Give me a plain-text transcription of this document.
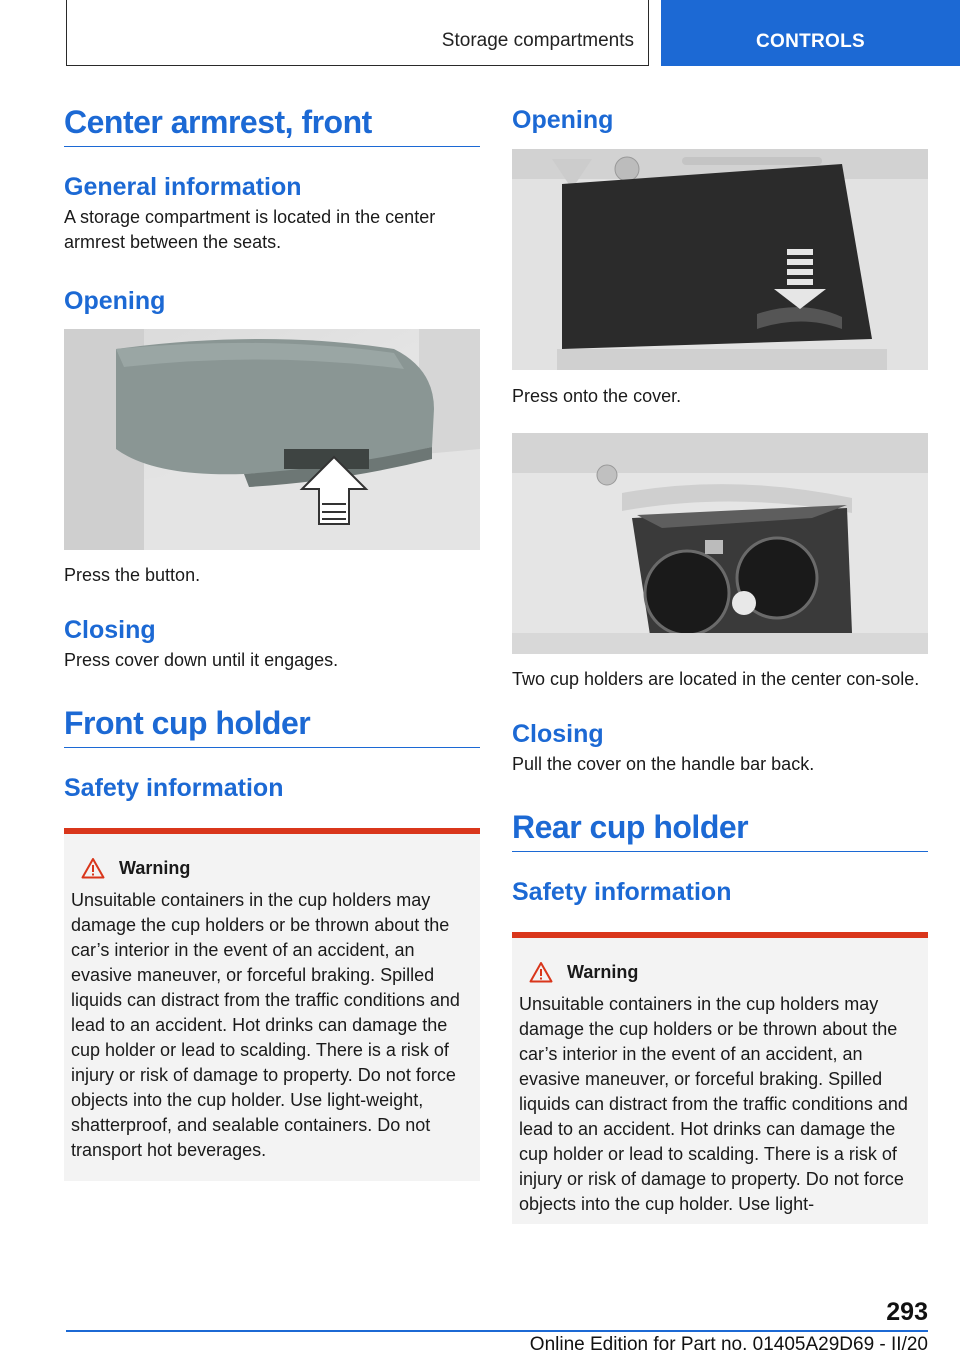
Storage compartments	CONTROLS
Center armrest, front
General information
A storage compartment is located in the center armrest between the seats.
Opening
Press the button.
Closing
Press cover down until it engages.
Front cup holder
Safety information
Warning
Unsuitable containers in the cup holders may damage the cup holders or be thrown about the car’s interior in the event of an accident, an evasive maneuver, or forceful braking. Spilled liquids can distract from the traffic conditions and lead to an accident. Hot drinks can damage the cup holder or lead to scalding. There is a risk of injury or risk of damage to property. Do not force objects into the cup holder. Use light‐weight, shatterproof, and sealable containers. Do not transport hot beverages.
Opening
Press onto the cover.
Two cup holders are located in the center con‐sole.
Closing
Pull the cover on the handle bar back.
Rear cup holder
Safety information
Warning
Unsuitable containers in the cup holders may damage the cup holders or be thrown about the car’s interior in the event of an accident, an evasive maneuver, or forceful braking. Spilled liquids can distract from the traffic conditions and lead to an accident. Hot drinks can damage the cup holder or lead to scalding. There is a risk of injury or risk of damage to property. Do not force objects into the cup holder. Use light‐
293
Online Edition for Part no. 01405A29D69 - II/20
